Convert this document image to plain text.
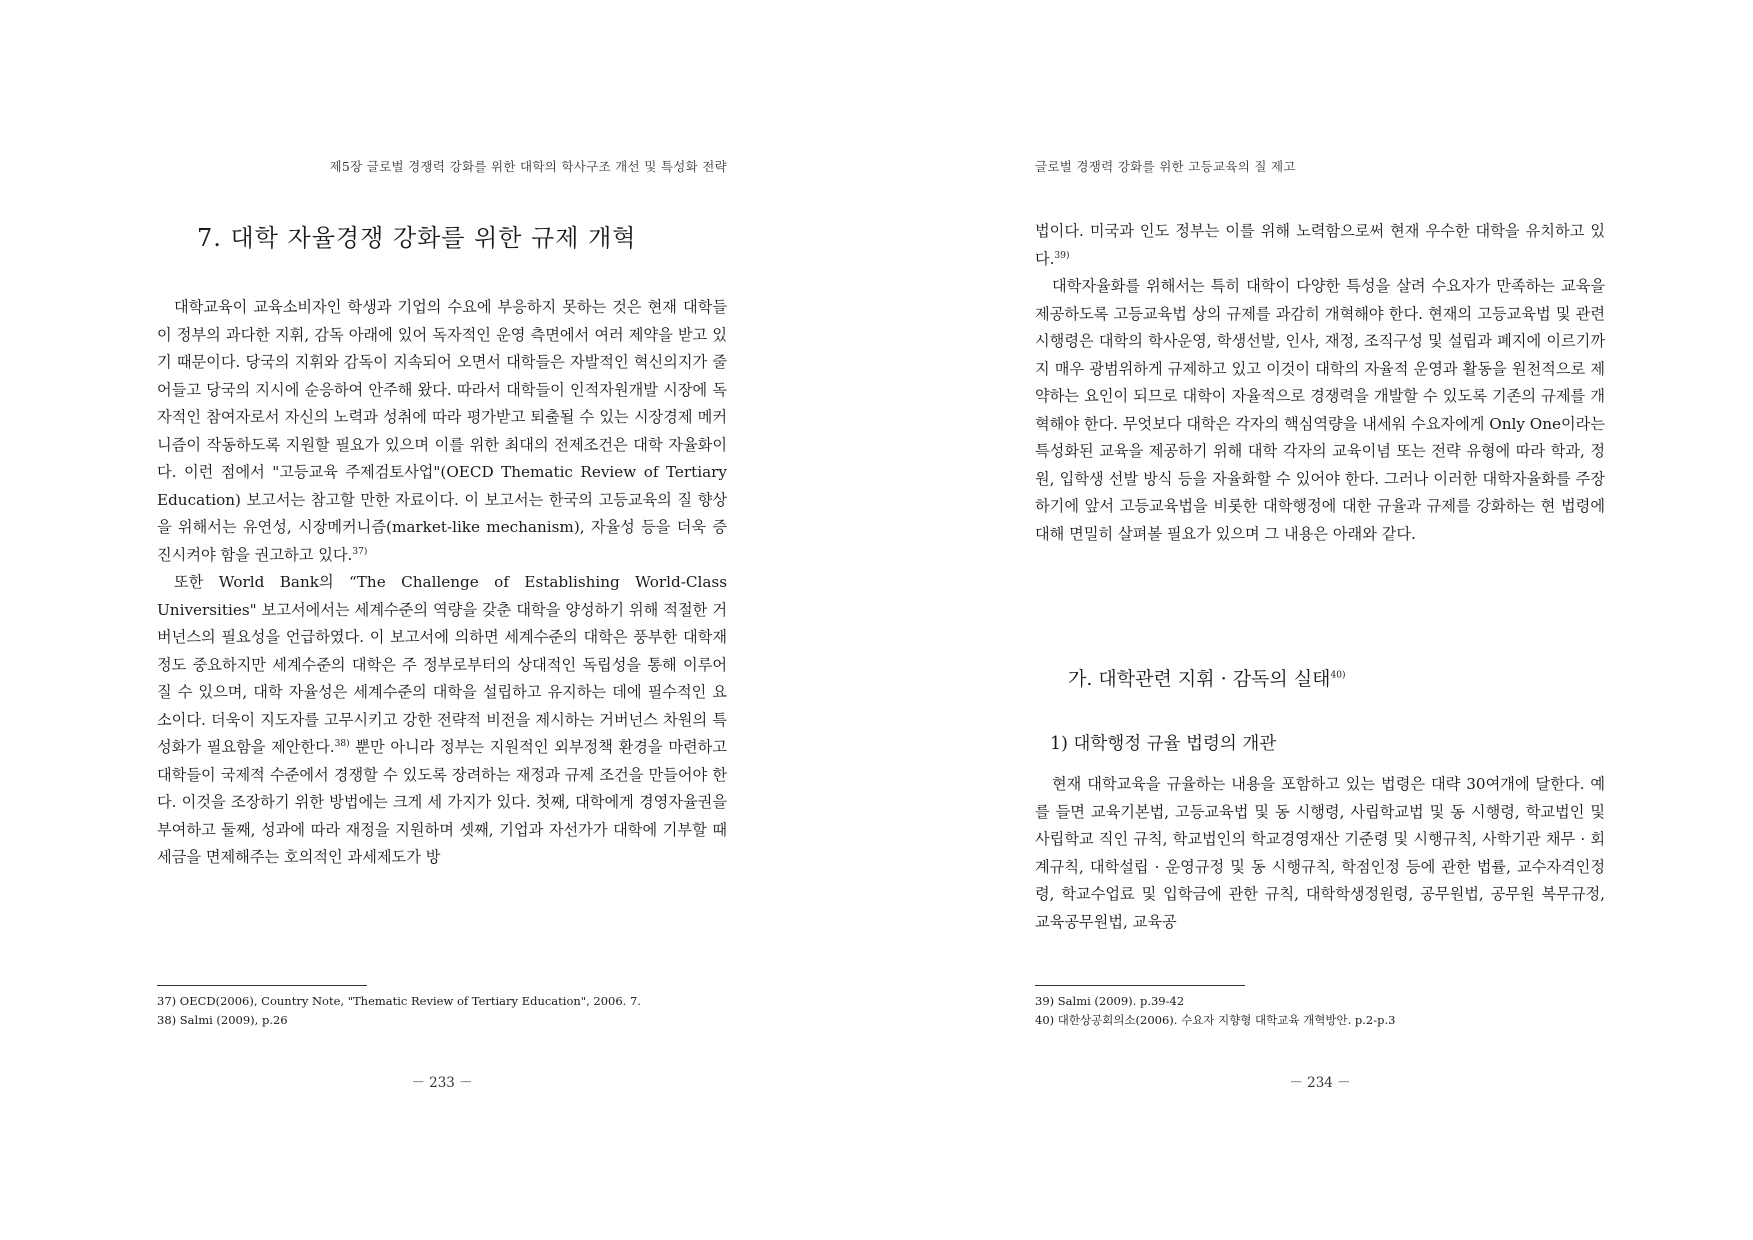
제5장 글로벌 경쟁력 강화를 위한 대학의 학사구조 개선 및 특성화 전략
7. 대학 자율경쟁 강화를 위한 규제 개혁

대학교육이 교육소비자인 학생과 기업의 수요에 부응하지 못하는 것은 현재 대학들이 정부의 과다한 지휘, 감독 아래에 있어 독자적인 운영 측면에서 여러 제약을 받고 있기 때문이다. 당국의 지휘와 감독이 지속되어 오면서 대학들은 자발적인 혁신의지가 줄어들고 당국의 지시에 순응하여 안주해 왔다. 따라서 대학들이 인적자원개발 시장에 독자적인 참여자로서 자신의 노력과 성취에 따라 평가받고 퇴출될 수 있는 시장경제 메커니즘이 작동하도록 지원할 필요가 있으며 이를 위한 최대의 전제조건은 대학 자율화이다. 이런 점에서 "고등교육 주제검토사업"(OECD Thematic Review of Tertiary Education) 보고서는 참고할 만한 자료이다. 이 보고서는 한국의 고등교육의 질 향상을 위해서는 유연성, 시장메커니즘(market-like mechanism), 자율성 등을 더욱 증진시켜야 함을 권고하고 있다.$^{37)}$

또한 World Bank의 “The Challenge of Establishing World-Class Universities" 보고서에서는 세계수준의 역량을 갖춘 대학을 양성하기 위해 적절한 거버넌스의 필요성을 언급하였다. 이 보고서에 의하면 세계수준의 대학은 풍부한 대학재정도 중요하지만 세계수준의 대학은 주 정부로부터의 상대적인 독립성을 통해 이루어질 수 있으며, 대학 자율성은 세계수준의 대학을 설립하고 유지하는 데에 필수적인 요소이다. 더욱이 지도자를 고무시키고 강한 전략적 비전을 제시하는 거버넌스 차원의 특성화가 필요함을 제안한다.$^{38)}$ 뿐만 아니라 정부는 지원적인 외부정책 환경을 마련하고 대학들이 국제적 수준에서 경쟁할 수 있도록 장려하는 재정과 규제 조건을 만들어야 한다. 이것을 조장하기 위한 방법에는 크게 세 가지가 있다. 첫째, 대학에게 경영자율권을 부여하고 둘째, 성과에 따라 재정을 지원하며 셋째, 기업과 자선가가 대학에 기부할 때 세금을 면제해주는 호의적인 과세제도가 방

37) OECD(2006), Country Note, "Thematic Review of Tertiary Education", 2006. 7.
38) Salmi (2009), p.26
－ 233 －
글로벌 경쟁력 강화를 위한 고등교육의 질 제고

법이다. 미국과 인도 정부는 이를 위해 노력함으로써 현재 우수한 대학을 유치하고 있다.$^{39)}$

대학자율화를 위해서는 특히 대학이 다양한 특성을 살려 수요자가 만족하는 교육을 제공하도록 고등교육법 상의 규제를 과감히 개혁해야 한다. 현재의 고등교육법 및 관련 시행령은 대학의 학사운영, 학생선발, 인사, 재정, 조직구성 및 설립과 폐지에 이르기까지 매우 광범위하게 규제하고 있고 이것이 대학의 자율적 운영과 활동을 원천적으로 제약하는 요인이 되므로 대학이 자율적으로 경쟁력을 개발할 수 있도록 기존의 규제를 개혁해야 한다. 무엇보다 대학은 각자의 핵심역량을 내세워 수요자에게 Only One이라는 특성화된 교육을 제공하기 위해 대학 각자의 교육이념 또는 전략 유형에 따라 학과, 정원, 입학생 선발 방식 등을 자율화할 수 있어야 한다. 그러나 이러한 대학자율화를 주장하기에 앞서 고등교육법을 비롯한 대학행정에 대한 규율과 규제를 강화하는 현 법령에 대해 면밀히 살펴볼 필요가 있으며 그 내용은 아래와 같다.

가. 대학관련 지휘 · 감독의 실태$^{40)}$
1) 대학행정 규율 법령의 개관

현재 대학교육을 규율하는 내용을 포함하고 있는 법령은 대략 30여개에 달한다. 예를 들면 교육기본법, 고등교육법 및 동 시행령, 사립학교법 및 동 시행령, 학교법인 및 사립학교 직인 규칙, 학교법인의 학교경영재산 기준령 및 시행규칙, 사학기관 채무 · 회계규칙, 대학설립 · 운영규정 및 동 시행규칙, 학점인정 등에 관한 법률, 교수자격인정령, 학교수업료 및 입학금에 관한 규칙, 대학학생정원령, 공무원법, 공무원 복무규정, 교육공무원법, 교육공

39) Salmi (2009). p.39-42
40) 대한상공회의소(2006). 수요자 지향형 대학교육 개혁방안. p.2-p.3
－ 234 －
